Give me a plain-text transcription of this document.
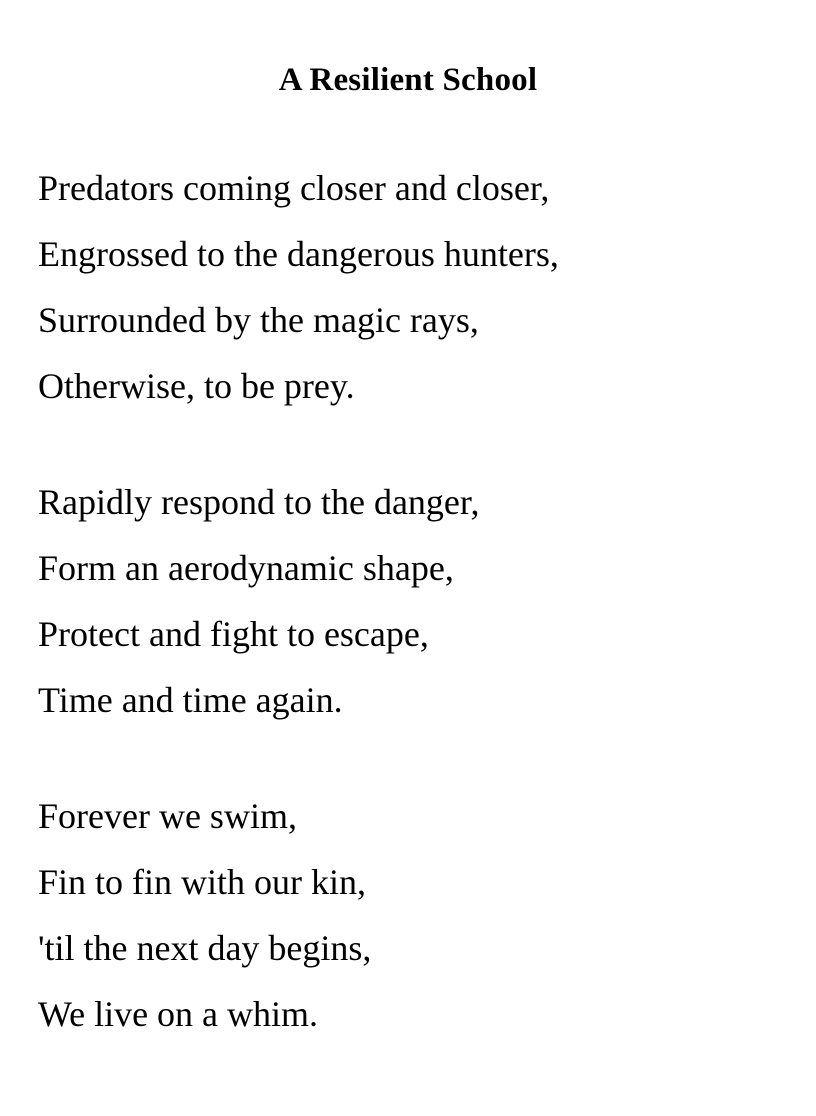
A Resilient School
Predators coming closer and closer,
Engrossed to the dangerous hunters,
Surrounded by the magic rays,
Otherwise, to be prey.
Rapidly respond to the danger,
Form an aerodynamic shape,
Protect and fight to escape,
Time and time again.
Forever we swim,
Fin to fin with our kin,
'til the next day begins,
We live on a whim.
